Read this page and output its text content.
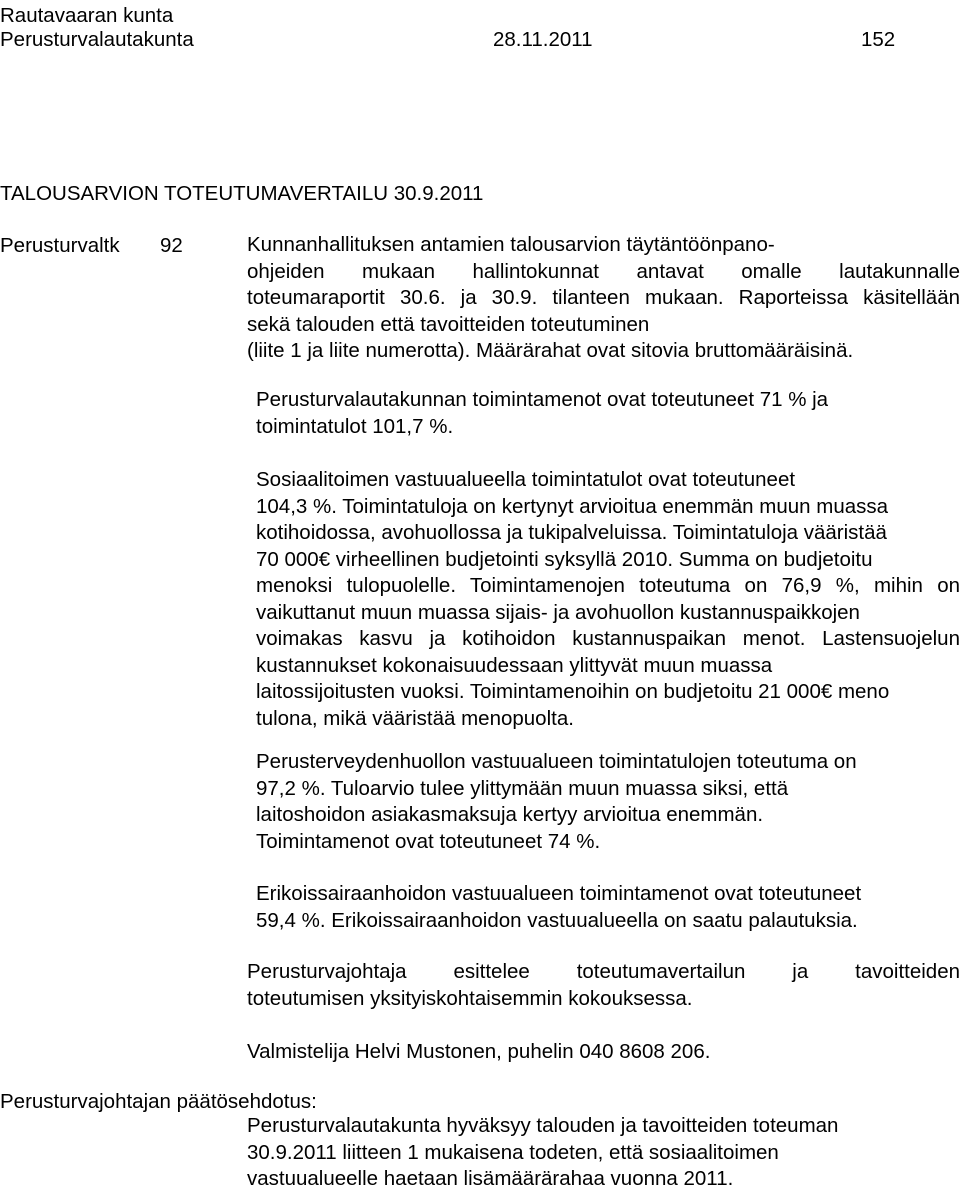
Rautavaaran kunta
Perusturvalautakunta	28.11.2011	152
TALOUSARVION TOTEUTUMAVERTAILU 30.9.2011
Perusturvaltk 92	Kunnanhallituksen antamien talousarvion täytäntöönpano-

ohjeiden mukaan hallintokunnat antavat omalle lautakunnalle

toteumaraportit 30.6. ja 30.9. tilanteen mukaan. Raporteissa käsitellään

sekä talouden että tavoitteiden toteutuminen
(liite 1 ja liite numerotta). Määrärahat ovat sitovia bruttomääräisinä.
Perusturvalautakunnan toimintamenot ovat toteutuneet 71 % ja
toimintatulot 101,7 %.
Sosiaalitoimen vastuualueella toimintatulot ovat toteutuneet
104,3 %. Toimintatuloja on kertynyt arvioitua enemmän muun muassa
kotihoidossa, avohuollossa ja tukipalveluissa. Toimintatuloja vääristää
70 000€ virheellinen budjetointi syksyllä 2010. Summa on budjetoitu

menoksi tulopuolelle. Toimintamenojen toteutuma on 76,9 %, mihin on

vaikuttanut muun muassa sijais- ja avohuollon kustannuspaikkojen

voimakas kasvu ja kotihoidon kustannuspaikan menot. Lastensuojelun

kustannukset kokonaisuudessaan ylittyvät muun muassa
laitossijoitusten vuoksi. Toimintamenoihin on budjetoitu 21 000€ meno
tulona, mikä vääristää menopuolta.
Perusterveydenhuollon vastuualueen toimintatulojen toteutuma on
97,2 %. Tuloarvio tulee ylittymään muun muassa siksi, että
laitoshoidon asiakasmaksuja kertyy arvioitua enemmän.
Toimintamenot ovat toteutuneet 74 %.
Erikoissairaanhoidon vastuualueen toimintamenot ovat toteutuneet
59,4 %. Erikoissairaanhoidon vastuualueella on saatu palautuksia.

Perusturvajohtaja esittelee toteutumavertailun ja tavoitteiden

toteutumisen yksityiskohtaisemmin kokouksessa.
Valmistelija Helvi Mustonen, puhelin 040 8608 206.
Perusturvajohtajan päätösehdotus:
Perusturvalautakunta hyväksyy talouden ja tavoitteiden toteuman
30.9.2011 liitteen 1 mukaisena todeten, että sosiaalitoimen
vastuualueelle haetaan lisämäärärahaa vuonna 2011.
